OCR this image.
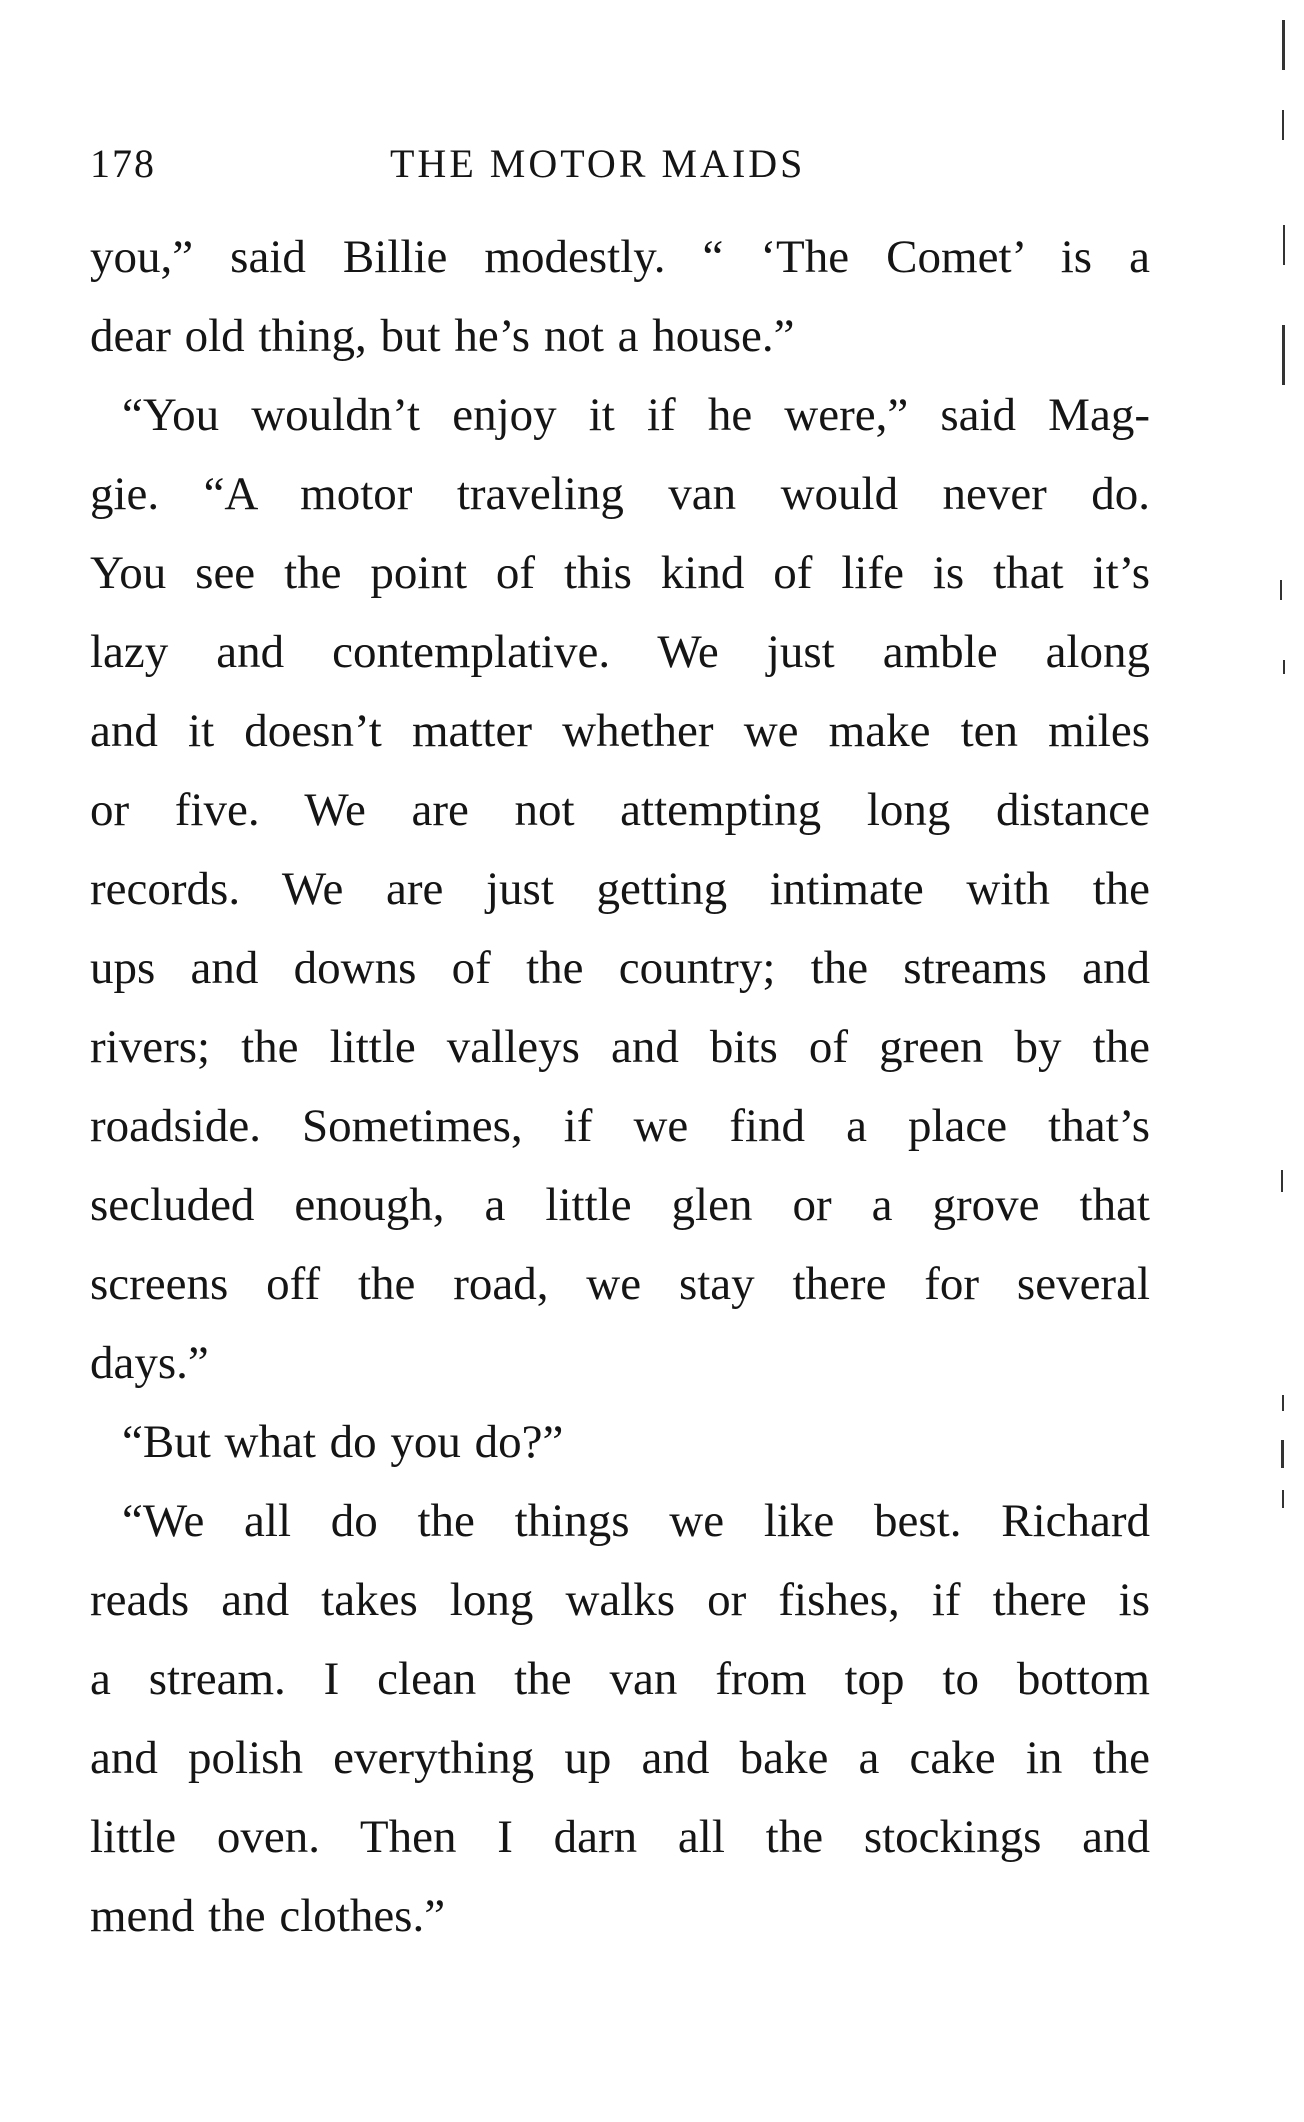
178	THE MOTOR MAIDS
you,” said Billie modestly. “ ‘The Comet’ is a
dear old thing, but he’s not a house.”
“You wouldn’t enjoy it if he were,” said Mag-
gie. “A motor traveling van would never do.
You see the point of this kind of life is that it’s
lazy and contemplative. We just amble along
and it doesn’t matter whether we make ten miles
or five. We are not attempting long distance
records. We are just getting intimate with the
ups and downs of the country; the streams and
rivers; the little valleys and bits of green by the
roadside. Sometimes, if we find a place that’s
secluded enough, a little glen or a grove that
screens off the road, we stay there for several
days.”
“But what do you do?”
“We all do the things we like best. Richard
reads and takes long walks or fishes, if there is
a stream. I clean the van from top to bottom
and polish everything up and bake a cake in the
little oven. Then I darn all the stockings and
mend the clothes.”
